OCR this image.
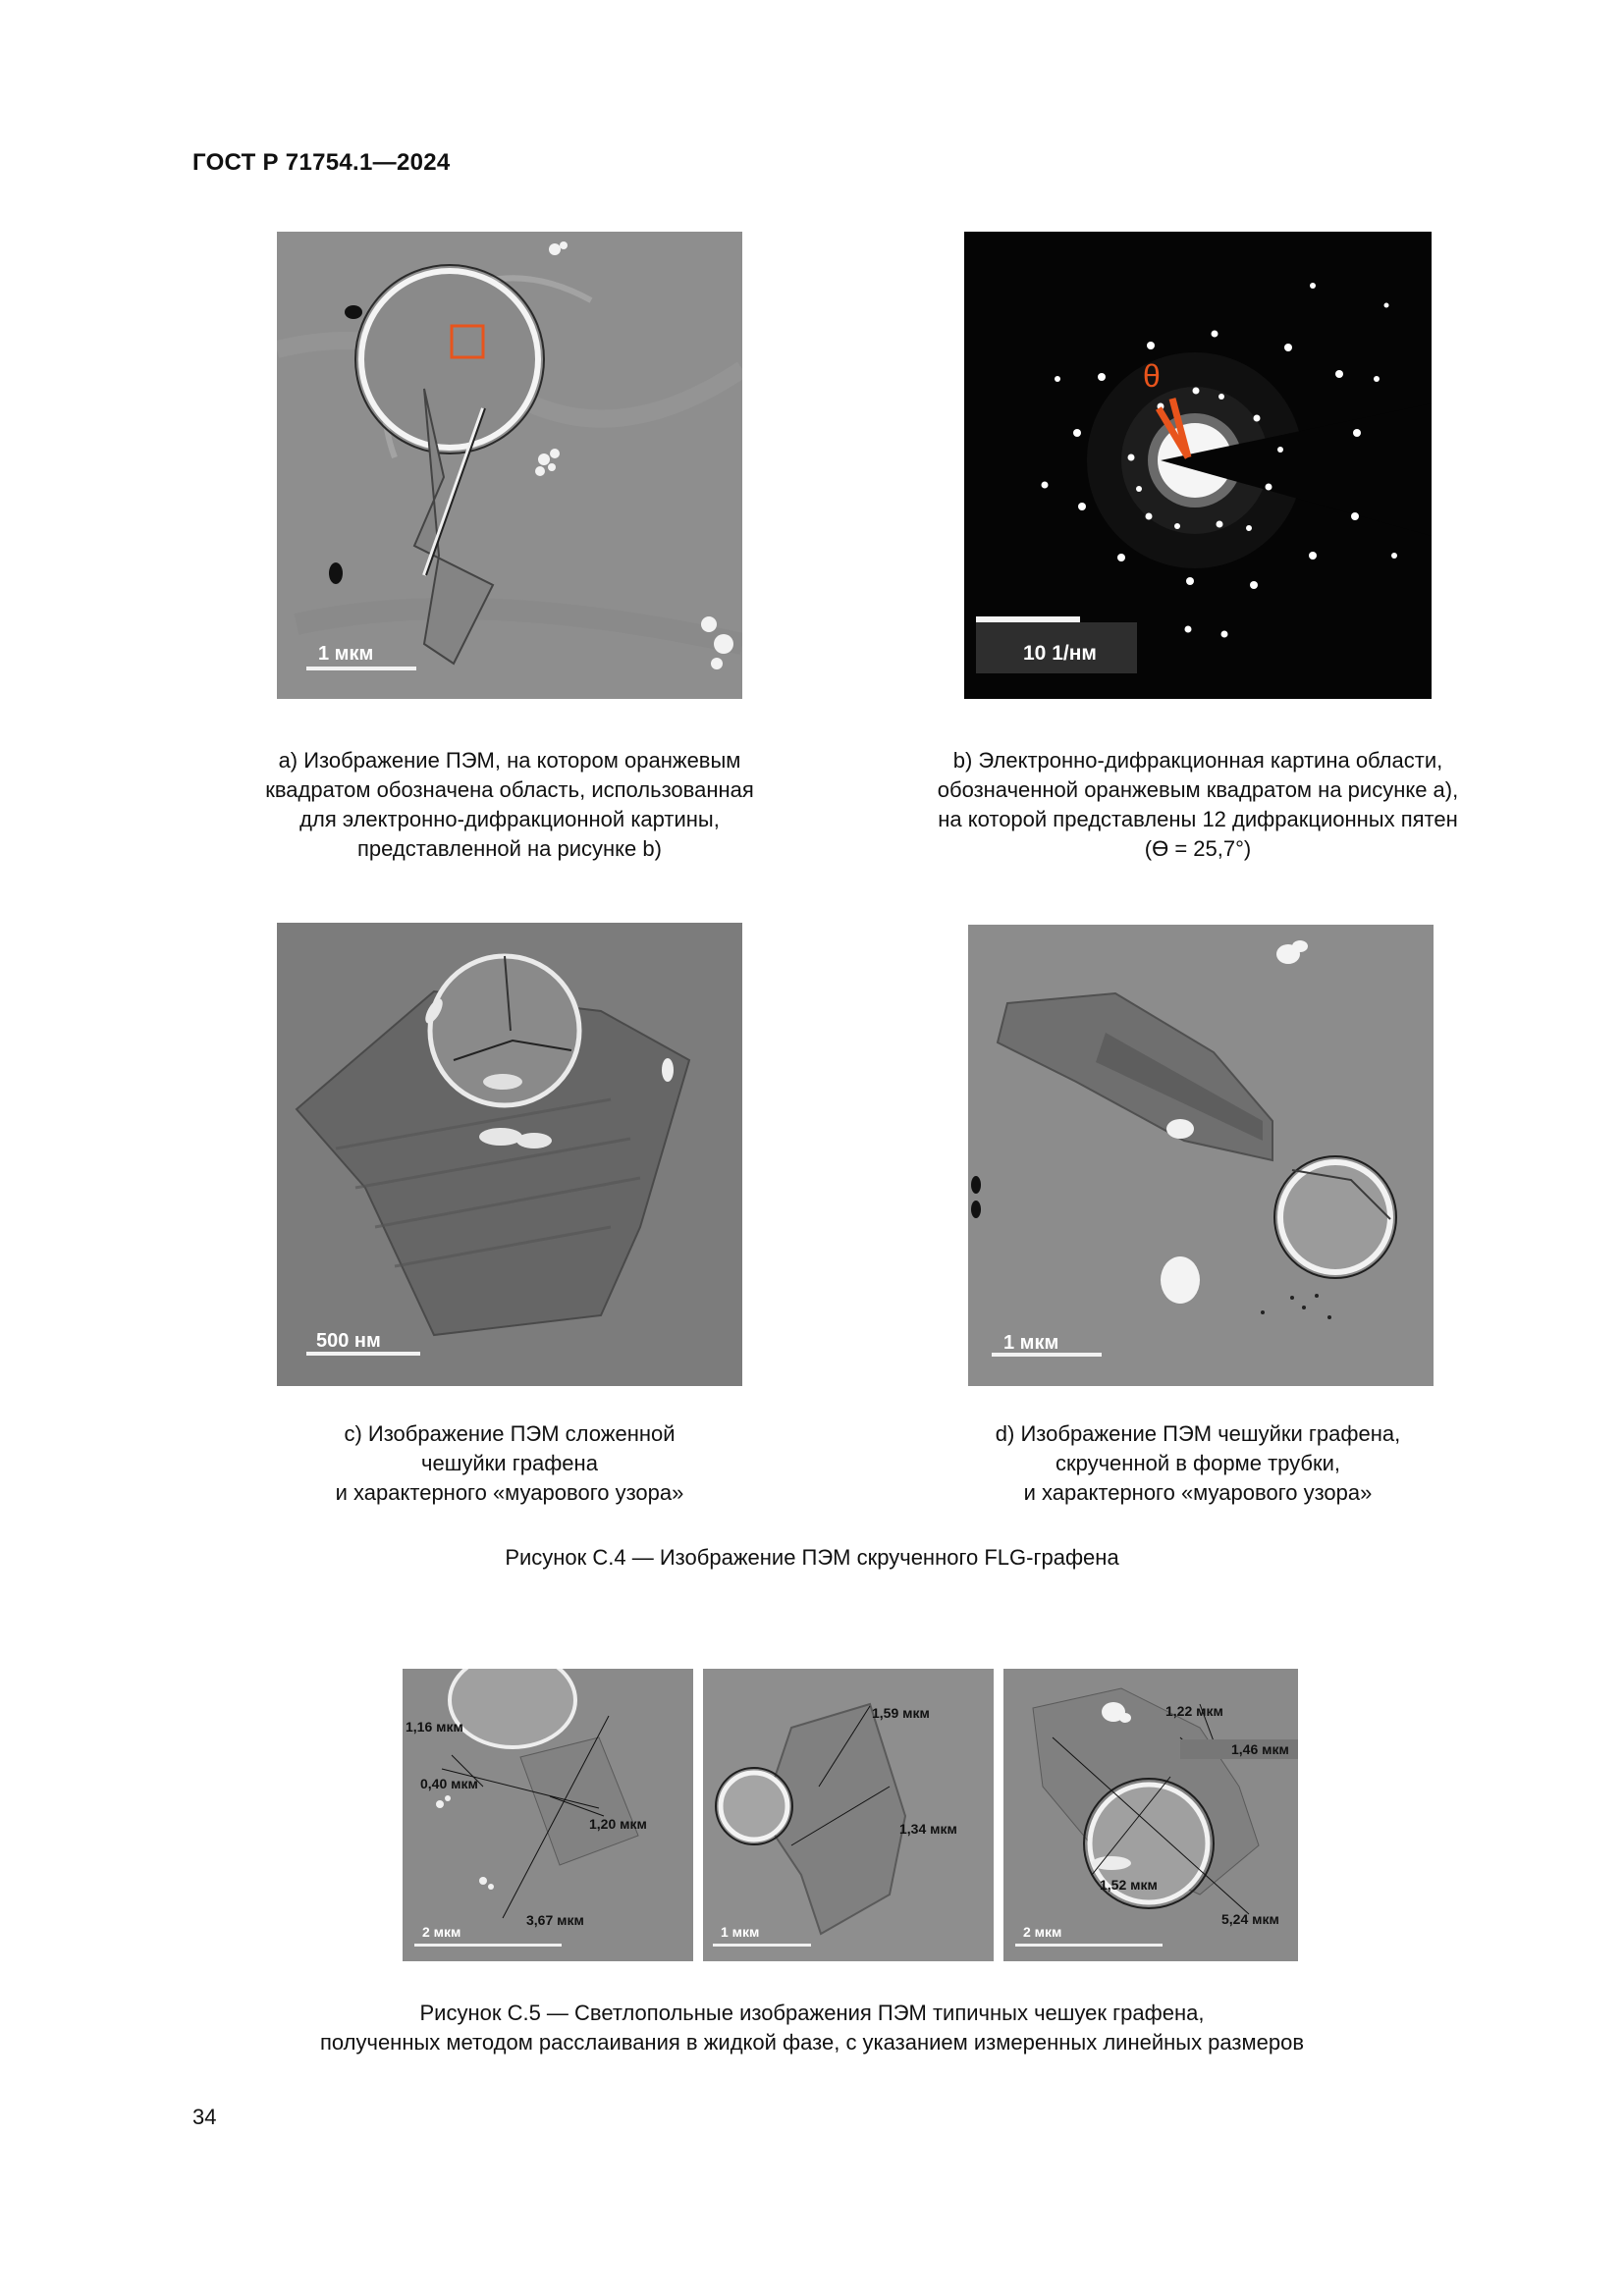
ГОСТ Р 71754.1—2024
1 мкм
a) Изображение ПЭМ, на котором оранжевым
квадратом обозначена область, использованная
для электронно-дифракционной картины,
представленной на рисунке b)
θ
10 1/нм
b) Электронно-дифракционная картина области,
обозначенной оранжевым квадратом на рисунке a),
на которой представлены 12 дифракционных пятен
(Ө = 25,7°)
500 нм
c) Изображение ПЭМ сложенной
чешуйки графена
и характерного «муарового узора»
1 мкм
d) Изображение ПЭМ чешуйки графена,
скрученной в форме трубки,
и характерного «муарового узора»
Рисунок С.4 — Изображение ПЭМ скрученного FLG-графена
1,16 мкм
0,40 мкм
1,20 мкм
3,67 мкм
2 мкм
1,59 мкм
1,34 мкм
1 мкм
1,22 мкм
1,46 мкм
1,52 мкм
5,24 мкм
2 мкм
Рисунок С.5 — Светлопольные изображения ПЭМ типичных чешуек графена,
полученных методом расслаивания в жидкой фазе, с указанием измеренных линейных размеров
34
